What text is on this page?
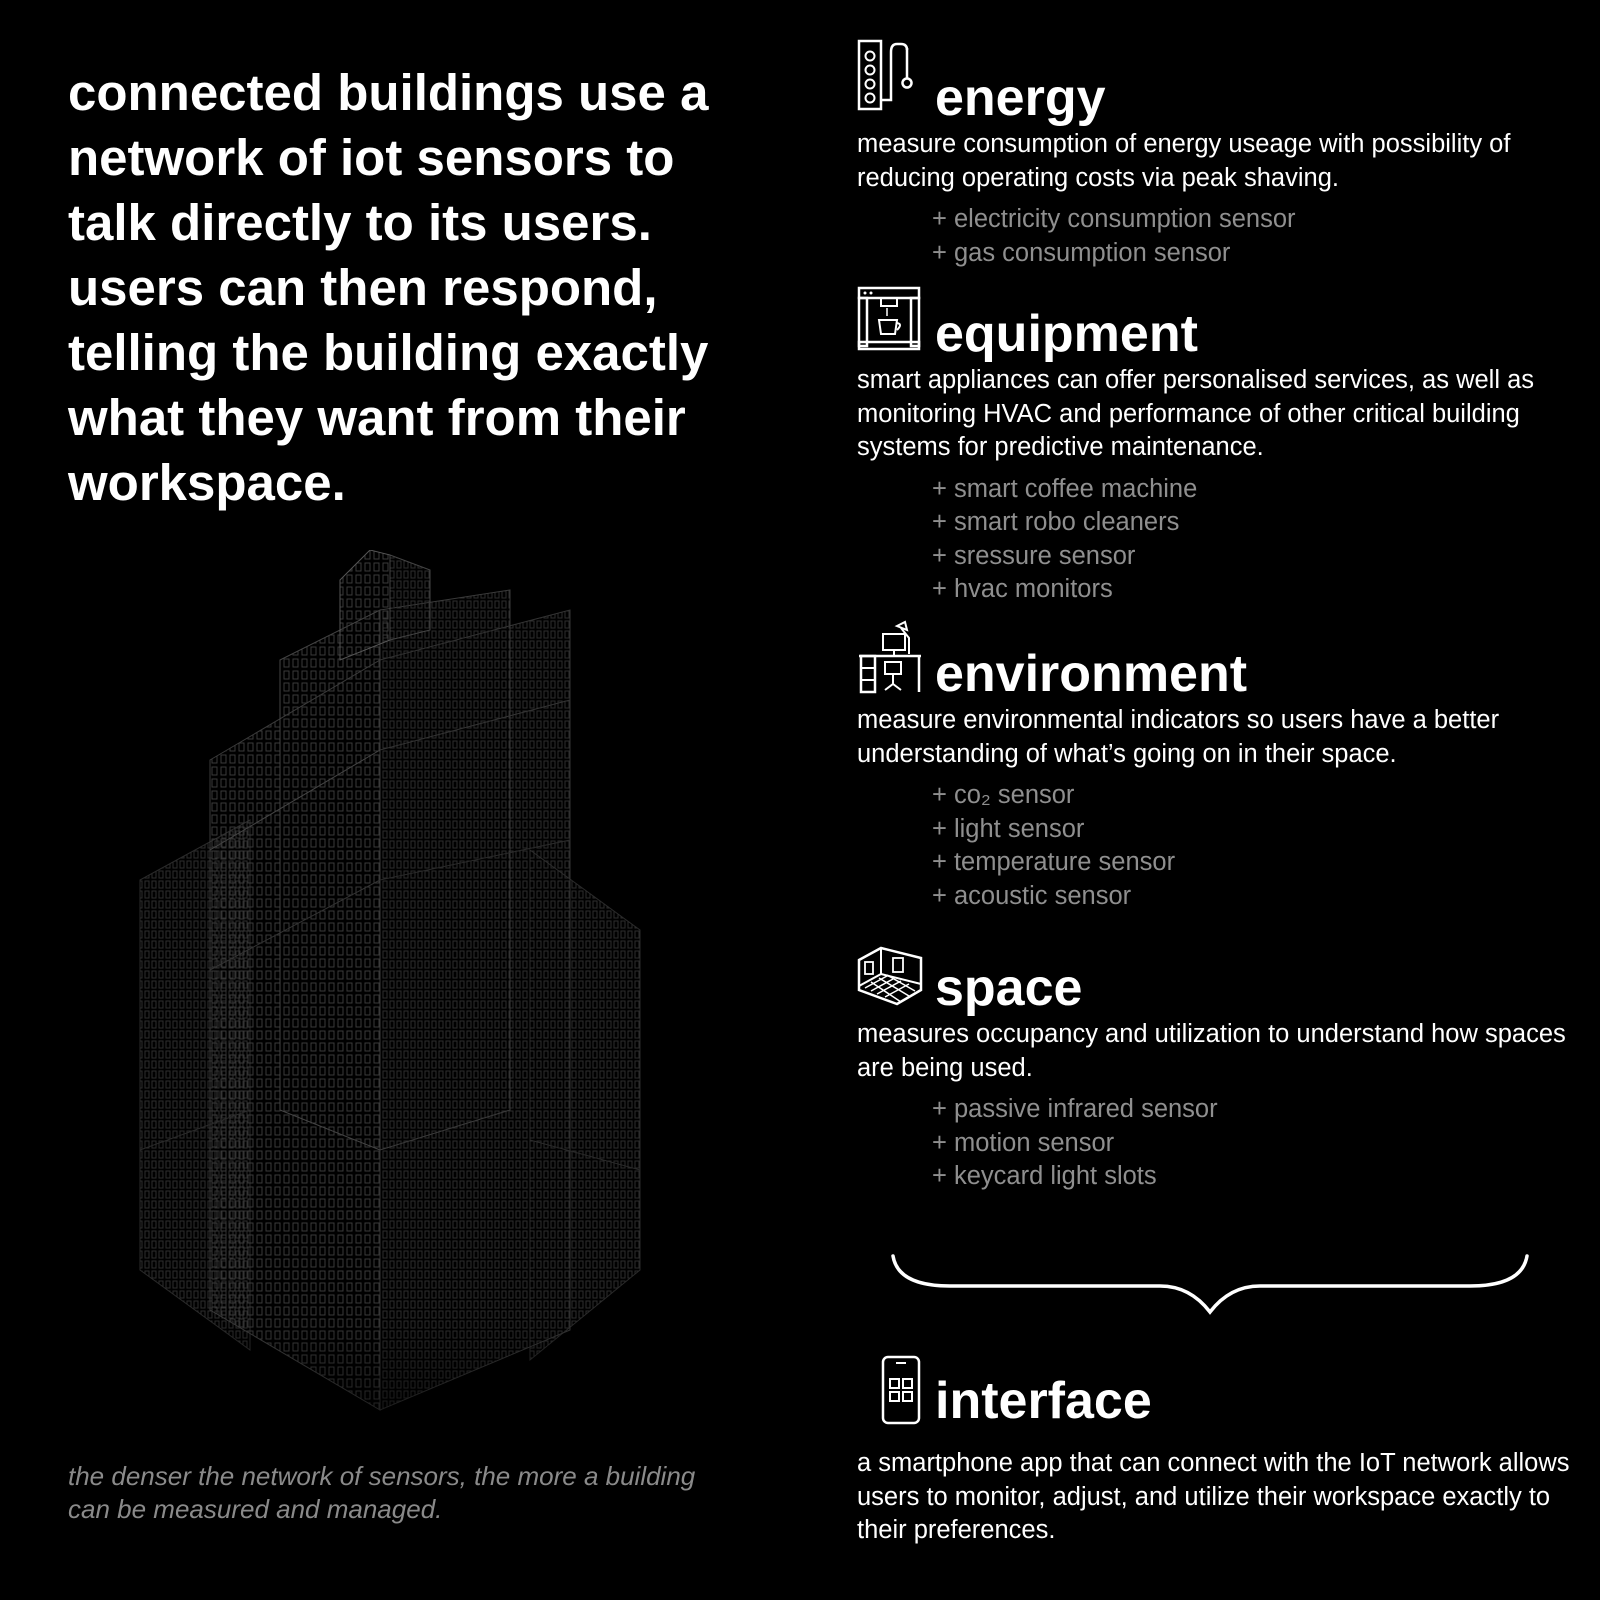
connected buildings use a network of iot sensors to talk directly to its users. users can then respond, telling the building exactly what they want from their workspace.
the denser the network of sensors, the more a building can be measured and managed.
energy
measure consumption of energy useage with possibility of reducing operating costs via peak shaving.
+ electricity consumption sensor
+ gas consumption sensor
equipment
smart appliances can offer personalised services, as well as monitoring HVAC and performance of other critical building systems for predictive maintenance.
+ smart coffee machine
+ smart robo cleaners
+ sressure sensor
+ hvac monitors
environment
measure environmental indicators so users have a better understanding of what’s going on in their space.
+ co₂ sensor
+ light sensor
+ temperature sensor
+ acoustic sensor
space
measures occupancy and utilization to understand how spaces are being used.
+ passive infrared sensor
+ motion sensor
+ keycard light slots
interface
a smartphone app that can connect with the IoT network allows users to monitor, adjust, and utilize their workspace exactly to their preferences.
